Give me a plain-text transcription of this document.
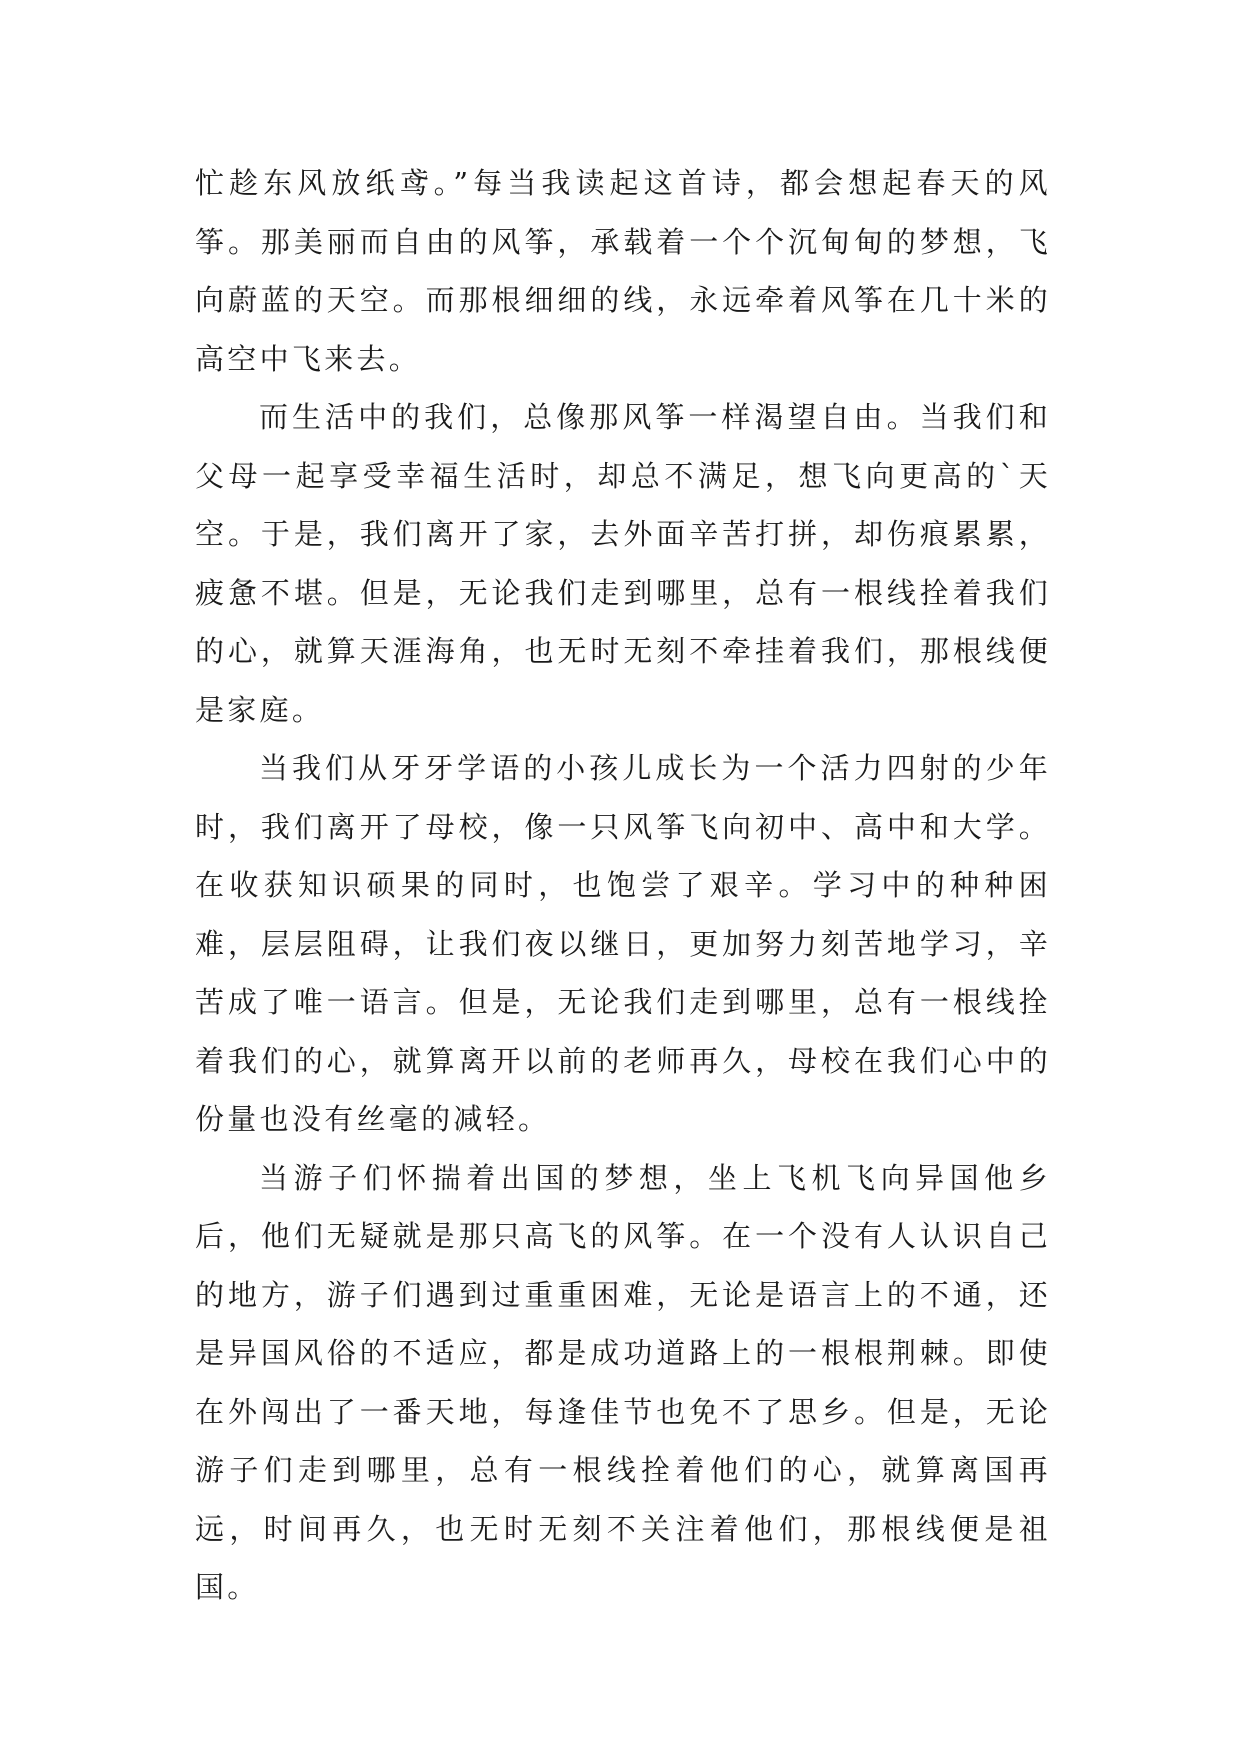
忙趁东风放纸鸢。”每当我读起这首诗，都会想起春天的风筝。那美丽而自由的风筝，承载着一个个沉甸甸的梦想，飞向蔚蓝的天空。而那根细细的线，永远牵着风筝在几十米的高空中飞来去。

而生活中的我们，总像那风筝一样渴望自由。当我们和父母一起享受幸福生活时，却总不满足，想飞向更高的`天空。于是，我们离开了家，去外面辛苦打拼，却伤痕累累，疲惫不堪。但是，无论我们走到哪里，总有一根线拴着我们的心，就算天涯海角，也无时无刻不牵挂着我们，那根线便是家庭。

当我们从牙牙学语的小孩儿成长为一个活力四射的少年时，我们离开了母校，像一只风筝飞向初中、高中和大学。在收获知识硕果的同时，也饱尝了艰辛。学习中的种种困难，层层阻碍，让我们夜以继日，更加努力刻苦地学习，辛苦成了唯一语言。但是，无论我们走到哪里，总有一根线拴着我们的心，就算离开以前的老师再久，母校在我们心中的份量也没有丝毫的减轻。

当游子们怀揣着出国的梦想，坐上飞机飞向异国他乡后，他们无疑就是那只高飞的风筝。在一个没有人认识自己的地方，游子们遇到过重重困难，无论是语言上的不通，还是异国风俗的不适应，都是成功道路上的一根根荆棘。即使在外闯出了一番天地，每逢佳节也免不了思乡。但是，无论游子们走到哪里，总有一根线拴着他们的心，就算离国再远，时间再久，也无时无刻不关注着他们，那根线便是祖国。
